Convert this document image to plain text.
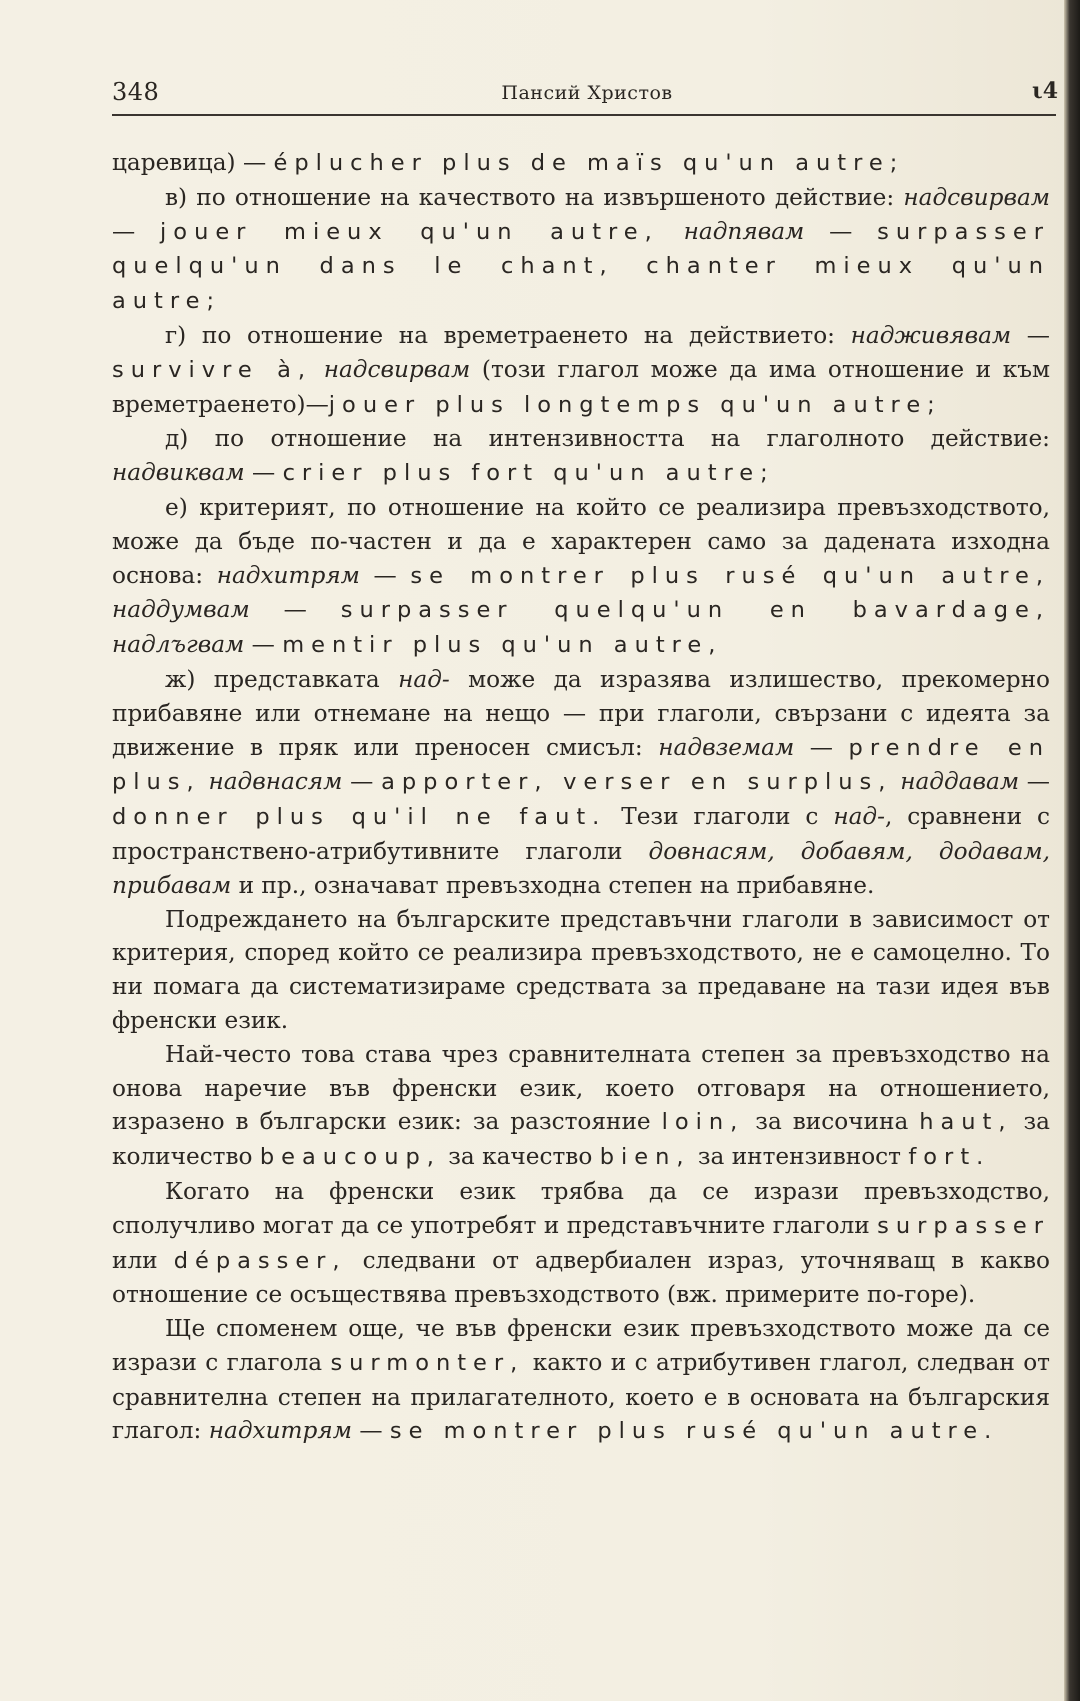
348	Пансий Христов	ι4

царевица) — éplucher plus de maïs qu'un autre;

в) по отношение на качеството на извършеното действие: надсвирвам — jouer mieux qu'un autre, надпявам — surpasser quelqu'un dans le chant, chanter mieux qu'un autre;

г) по отношение на времетраенето на действието: надживявам — survivre à, надсвирвам (този глагол може да има отношение и към времетраенето)—jouer plus longtemps qu'un autre;

д) по отношение на интензивността на глаголното действие: надвиквам — crier plus fort qu'un autre;

е) критерият, по отношение на който се реализира превъзходството, може да бъде по-частен и да е характерен само за дадената изходна основа: надхитрям — se montrer plus rusé qu'un autre, наддумвам — surpasser quelqu'un en bavardage, надлъгвам — mentir plus qu'un autre,

ж) представката над- може да изразява излишество, прекомерно прибавяне или отнемане на нещо — при глаголи, свързани с идеята за движение в пряк или преносен смисъл: надвземам — prendre en plus, надвнасям — apporter, verser en surplus, наддавам — donner plus qu'il ne faut. Тези глаголи с над-, сравнени с пространствено-атрибутивните глаголи довнасям, добавям, додавам, прибавам и пр., означават превъзходна степен на прибавяне.

Подреждането на българските представъчни глаголи в зависимост от критерия, според който се реализира превъзходството, не е самоцелно. То ни помага да систематизираме средствата за предаване на тази идея във френски език.

Най-често това става чрез сравнителната степен за превъзходство на онова наречие във френски език, което отговаря на отношението, изразено в български език: за разстояние loin, за височина haut, за количество beaucoup, за качество bien, за интензивност fort.

Когато на френски език трябва да се изрази превъзходство, сполучливо могат да се употребят и представъчните глаголи surpasser или dépasser, следвани от адвербиален израз, уточняващ в какво отношение се осъществява превъзходството (вж. примерите по-горе).

Ще споменем още, че във френски език превъзходството може да се изрази с глагола surmonter, както и с атрибутивен глагол, следван от сравнителна степен на прилагателното, което е в основата на българския глагол: надхитрям — se montrer plus rusé qu'un autre.
